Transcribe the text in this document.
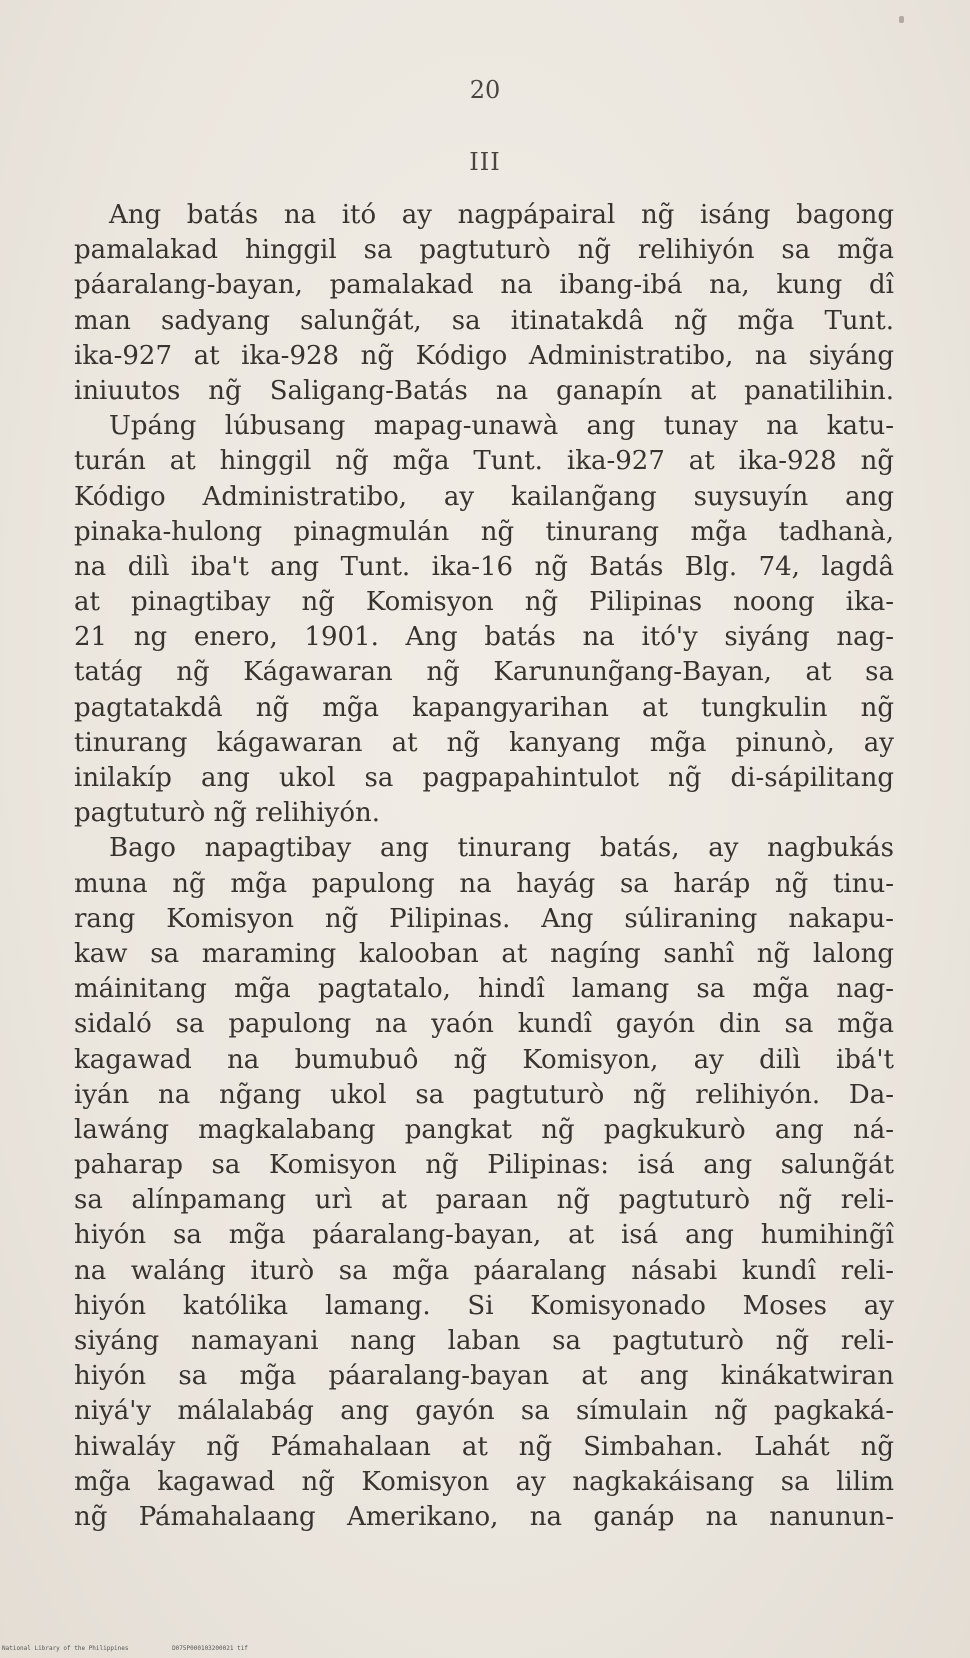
20
III
Ang batás na itó ay nagpápairal ng̃ isáng bagong
pamalakad hinggil sa pagtuturò ng̃ relihiyón sa mg̃a
páaralang-bayan, pamalakad na ibang-ibá na, kung dî
man sadyang salung̃át, sa itinatakdâ ng̃ mg̃a Tunt.
ika-927 at ika-928 ng̃ Kódigo Administratibo, na siyáng
iniuutos ng̃ Saligang-Batás na ganapín at panatilihin.
Upáng lúbusang mapag-unawà ang tunay na katu-
turán at hinggil ng̃ mg̃a Tunt. ika-927 at ika-928 ng̃
Kódigo Administratibo, ay kailang̃ang suysuyín ang
pinaka-hulong pinagmulán ng̃ tinurang mg̃a tadhanà,
na dilì iba't ang Tunt. ika-16 ng̃ Batás Blg. 74, lagdâ
at pinagtibay ng̃ Komisyon ng̃ Pilipinas noong ika-
21 ng enero, 1901. Ang batás na itó'y siyáng nag-
tatág ng̃ Kágawaran ng̃ Karunung̃ang-Bayan, at sa
pagtatakdâ ng̃ mg̃a kapangyarihan at tungkulin ng̃
tinurang kágawaran at ng̃ kanyang mg̃a pinunò, ay
inilakíp ang ukol sa pagpapahintulot ng̃ di-sápilitang
pagtuturò ng̃ relihiyón.
Bago napagtibay ang tinurang batás, ay nagbukás
muna ng̃ mg̃a papulong na hayág sa haráp ng̃ tinu-
rang Komisyon ng̃ Pilipinas. Ang súliraning nakapu-
kaw sa maraming kalooban at nagíng sanhî ng̃ lalong
máinitang mg̃a pagtatalo, hindî lamang sa mg̃a nag-
sidaló sa papulong na yaón kundî gayón din sa mg̃a
kagawad na bumubuô ng̃ Komisyon, ay dilì ibá't
iyán na ng̃ang ukol sa pagtuturò ng̃ relihiyón. Da-
lawáng magkalabang pangkat ng̃ pagkukurò ang ná-
paharap sa Komisyon ng̃ Pilipinas: isá ang salung̃át
sa alínpamang urì at paraan ng̃ pagtuturò ng̃ reli-
hiyón sa mg̃a páaralang-bayan, at isá ang humihing̃î
na waláng iturò sa mg̃a páaralang násabi kundî reli-
hiyón katólika lamang. Si Komisyonado Moses ay
siyáng namayani nang laban sa pagtuturò ng̃ reli-
hiyón sa mg̃a páaralang-bayan at ang kinákatwiran
niyá'y málalabág ang gayón sa símulain ng̃ pagkaká-
hiwaláy ng̃ Pámahalaan at ng̃ Simbahan. Lahát ng̃
mg̃a kagawad ng̃ Komisyon ay nagkakáisang sa lilim
ng̃ Pámahalaang Amerikano, na ganáp na nanunun-
National Library of the Philippines	D075P000103200021 tif
